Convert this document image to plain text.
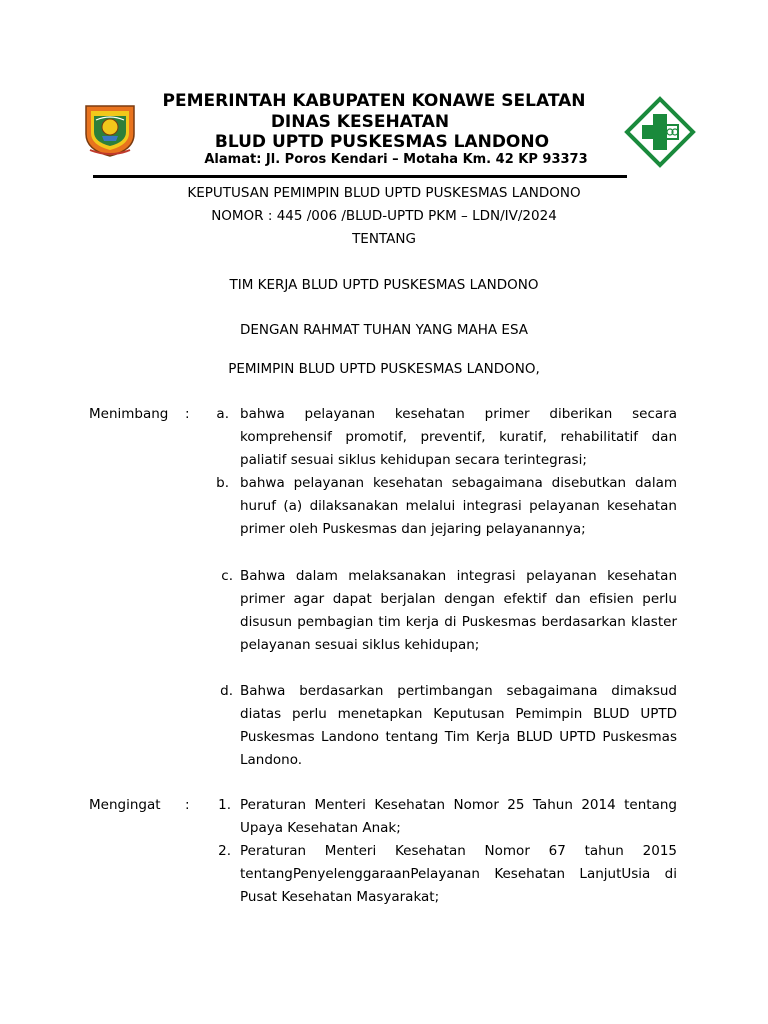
PEMERINTAH KABUPATEN KONAWE SELATAN
DINAS KESEHATAN
BLUD UPTD PUSKESMAS LANDONO
Alamat: Jl. Poros Kendari – Motaha Km. 42 KP 93373
KEPUTUSAN PEMIMPIN BLUD UPTD PUSKESMAS LANDONO
NOMOR : 445 /006 /BLUD-UPTD PKM – LDN/IV/2024
TENTANG
TIM KERJA BLUD UPTD PUSKESMAS LANDONO
DENGAN RAHMAT TUHAN YANG MAHA ESA
PEMIMPIN BLUD UPTD PUSKESMAS LANDONO,
Menimbang :	a. bahwa pelayanan kesehatan primer diberikan secara komprehensif promotif, preventif, kuratif, rehabilitatif dan paliatif sesuai siklus kehidupan secara terintegrasi;
b. bahwa pelayanan kesehatan sebagaimana disebutkan dalam huruf (a) dilaksanakan melalui integrasi pelayanan kesehatan primer oleh Puskesmas dan jejaring pelayanannya;
c. Bahwa dalam melaksanakan integrasi pelayanan kesehatan primer agar dapat berjalan dengan efektif dan efisien perlu disusun pembagian tim kerja di Puskesmas berdasarkan klaster pelayanan sesuai siklus kehidupan;
d. Bahwa berdasarkan pertimbangan sebagaimana dimaksud diatas perlu menetapkan Keputusan Pemimpin BLUD UPTD Puskesmas Landono tentang Tim Kerja BLUD UPTD Puskesmas Landono.
Mengingat :	1. Peraturan Menteri Kesehatan Nomor 25 Tahun 2014 tentang Upaya Kesehatan Anak;
2. Peraturan Menteri Kesehatan Nomor 67 tahun 2015 tentangPenyelenggaraanPelayanan Kesehatan LanjutUsia di Pusat Kesehatan Masyarakat;
